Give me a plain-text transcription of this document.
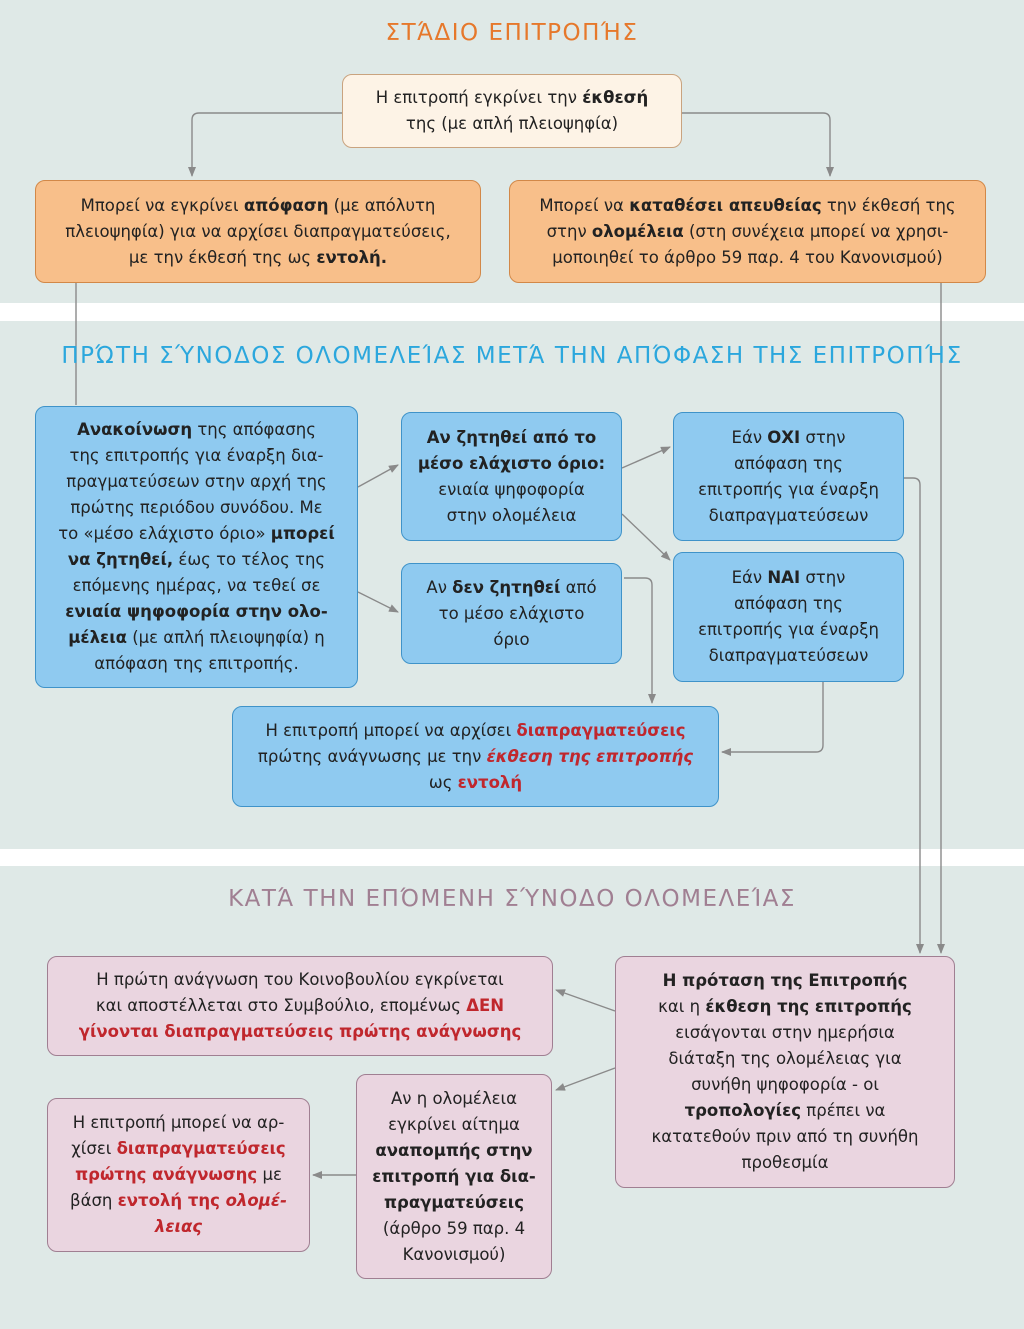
ΣΤΆΔΙΟ ΕΠΙΤΡΟΠΉΣ
ΠΡΏΤΗ ΣΎΝΟΔΟΣ ΟΛΟΜΕΛΕΊΑΣ ΜΕΤΆ ΤΗΝ ΑΠΌΦΑΣΗ ΤΗΣ ΕΠΙΤΡΟΠΉΣ
ΚΑΤΆ ΤΗΝ ΕΠΌΜΕΝΗ ΣΎΝΟΔΟ ΟΛΟΜΕΛΕΊΑΣ
Η επιτροπή εγκρίνει την έκθεσή
της (με απλή πλειοψηφία)
Μπορεί να εγκρίνει απόφαση (με απόλυτη
πλειοψηφία) για να αρχίσει διαπραγματεύσεις,
με την έκθεσή της ως εντολή.
Μπορεί να καταθέσει απευθείας την έκθεσή της
στην ολομέλεια (στη συνέχεια μπορεί να χρησι-
μοποιηθεί το άρθρο 59 παρ. 4 του Κανονισμού)
Ανακοίνωση της απόφασης
της επιτροπής για έναρξη δια-
πραγματεύσεων στην αρχή της
πρώτης περιόδου συνόδου. Με
το «μέσο ελάχιστο όριο» μπορεί
να ζητηθεί, έως το τέλος της
επόμενης ημέρας, να τεθεί σε
ενιαία ψηφοφορία στην ολο-
μέλεια (με απλή πλειοψηφία) η
απόφαση της επιτροπής.
Αν ζητηθεί από το
μέσο ελάχιστο όριο:
ενιαία ψηφοφορία
στην ολομέλεια
Αν δεν ζητηθεί από
το μέσο ελάχιστο
όριο
Εάν ΟΧΙ στην
απόφαση της
επιτροπής για έναρξη
διαπραγματεύσεων
Εάν ΝΑΙ στην
απόφαση της
επιτροπής για έναρξη
διαπραγματεύσεων
Η επιτροπή μπορεί να αρχίσει διαπραγματεύσεις
πρώτης ανάγνωσης με την έκθεση της επιτροπής
ως εντολή
Η πρώτη ανάγνωση του Κοινοβουλίου εγκρίνεται
και αποστέλλεται στο Συμβούλιο, επομένως ΔΕΝ
γίνονται διαπραγματεύσεις πρώτης ανάγνωσης
Η πρόταση της Επιτροπής
και η έκθεση της επιτροπής
εισάγονται στην ημερήσια
διάταξη της ολομέλειας για
συνήθη ψηφοφορία - οι
τροπολογίες πρέπει να
κατατεθούν πριν από τη συνήθη
προθεσμία
Αν η ολομέλεια
εγκρίνει αίτημα
αναπομπής στην
επιτροπή για δια-
πραγματεύσεις
(άρθρο 59 παρ. 4
Κανονισμού)
Η επιτροπή μπορεί να αρ-
χίσει διαπραγματεύσεις
πρώτης ανάγνωσης με
βάση εντολή της ολομέ-
λειας
